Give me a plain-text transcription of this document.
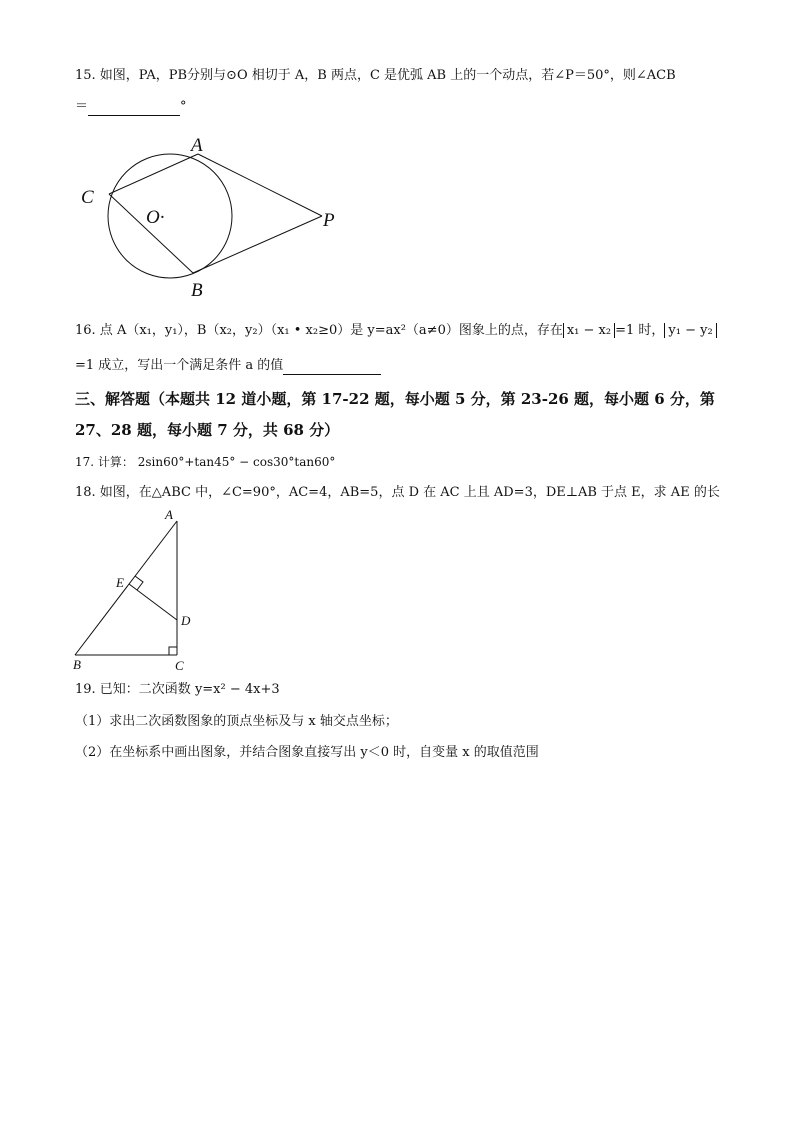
15. 如图，PA，PB分别与⊙O 相切于 A，B 两点，C 是优弧 AB 上的一个动点，若∠P＝50°，则∠ACB
＝	°
A
C
O·	P
B
16. 点 A（x₁，y₁），B（x₂，y₂）（x₁ • x₂≥0）是 y=ax²（a≠0）图象上的点，存在 x₁ − x₂ =1 时， y₁ − y₂
=1 成立，写出一个满足条件 a 的值
三、解答题（本题共 12 道小题，第 17-22 题，每小题 5 分，第 23-26 题，每小题 6 分，第
27、28 题，每小题 7 分，共 68 分）
17. 计算： 2sin60°+tan45° − cos30°tan60°
18. 如图，在△ABC 中，∠C=90°，AC=4，AB=5，点 D 在 AC 上且 AD=3，DE⊥AB 于点 E，求 AE 的长
A
E
D
B	C
19. 已知：二次函数 y=x² − 4x+3
（1）求出二次函数图象的顶点坐标及与 x 轴交点坐标；
（2）在坐标系中画出图象，并结合图象直接写出 y＜0 时，自变量 x 的取值范围
